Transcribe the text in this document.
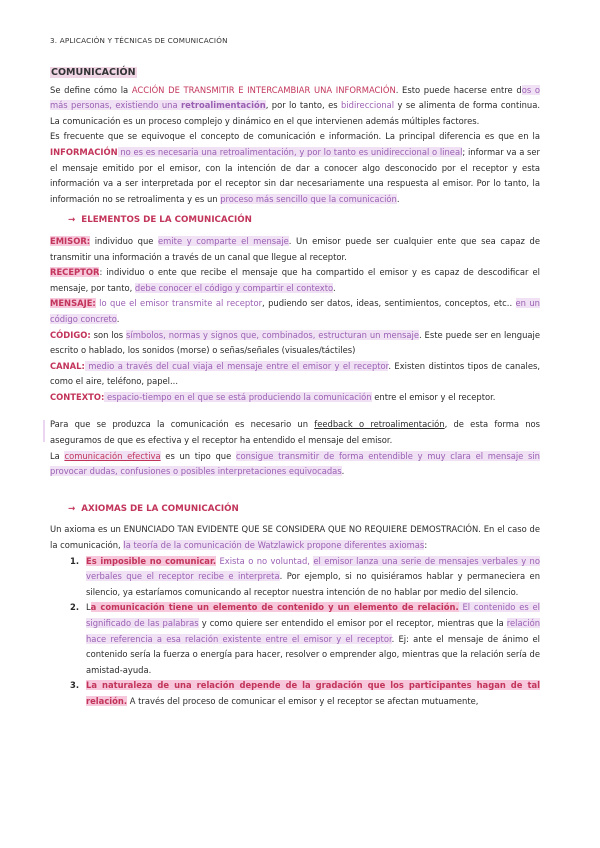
3. APLICACIÓN Y TÉCNICAS DE COMUNICACIÓN
COMUNICACIÓN

Se define cómo la ACCIÓN DE TRANSMITIR E INTERCAMBIAR UNA INFORMACIÓN. Esto puede hacerse entre dos o más personas, existiendo una retroalimentación, por lo tanto, es bidireccional y se alimenta de forma continua. La comunicación es un proceso complejo y dinámico en el que intervienen además múltiples factores.

Es frecuente que se equivoque el concepto de comunicación e información. La principal diferencia es que en la INFORMACIÓN no es es necesaria una retroalimentación, y por lo tanto es unidireccional o lineal; informar va a ser el mensaje emitido por el emisor, con la intención de dar a conocer algo desconocido por el receptor y esta información va a ser interpretada por el receptor sin dar necesariamente una respuesta al emisor. Por lo tanto, la información no se retroalimenta y es un proceso más sencillo que la comunicación.

→ ELEMENTOS DE LA COMUNICACIÓN

EMISOR: individuo que emite y comparte el mensaje. Un emisor puede ser cualquier ente que sea capaz de transmitir una información a través de un canal que llegue al receptor.

RECEPTOR: individuo o ente que recibe el mensaje que ha compartido el emisor y es capaz de descodificar el mensaje, por tanto, debe conocer el código y compartir el contexto.

MENSAJE: lo que el emisor transmite al receptor, pudiendo ser datos, ideas, sentimientos, conceptos, etc.. en un código concreto.

CÓDIGO: son los símbolos, normas y signos que, combinados, estructuran un mensaje. Este puede ser en lenguaje escrito o hablado, los sonidos (morse) o señas/señales (visuales/táctiles)

CANAL: medio a través del cual viaja el mensaje entre el emisor y el receptor. Existen distintos tipos de canales, como el aire, teléfono, papel...

CONTEXTO: espacio-tiempo en el que se está produciendo la comunicación entre el emisor y el receptor.

Para que se produzca la comunicación es necesario un feedback o retroalimentación, de esta forma nos aseguramos de que es efectiva y el receptor ha entendido el mensaje del emisor.

La comunicación efectiva es un tipo que consigue transmitir de forma entendible y muy clara el mensaje sin provocar dudas, confusiones o posibles interpretaciones equivocadas.

→ AXIOMAS DE LA COMUNICACIÓN

Un axioma es un ENUNCIADO TAN EVIDENTE QUE SE CONSIDERA QUE NO REQUIERE DEMOSTRACIÓN. En el caso de la comunicación, la teoría de la comunicación de Watzlawick propone diferentes axiomas:

1. Es imposible no comunicar. Exista o no voluntad, el emisor lanza una serie de mensajes verbales y no verbales que el receptor recibe e interpreta. Por ejemplo, si no quisiéramos hablar y permaneciera en silencio, ya estaríamos comunicando al receptor nuestra intención de no hablar por medio del silencio.
2. La comunicación tiene un elemento de contenido y un elemento de relación. El contenido es el significado de las palabras y como quiere ser entendido el emisor por el receptor, mientras que la relación hace referencia a esa relación existente entre el emisor y el receptor. Ej: ante el mensaje de ánimo el contenido sería la fuerza o energía para hacer, resolver o emprender algo, mientras que la relación sería de amistad-ayuda.
3. La naturaleza de una relación depende de la gradación que los participantes hagan de tal relación. A través del proceso de comunicar el emisor y el receptor se afectan mutuamente,
